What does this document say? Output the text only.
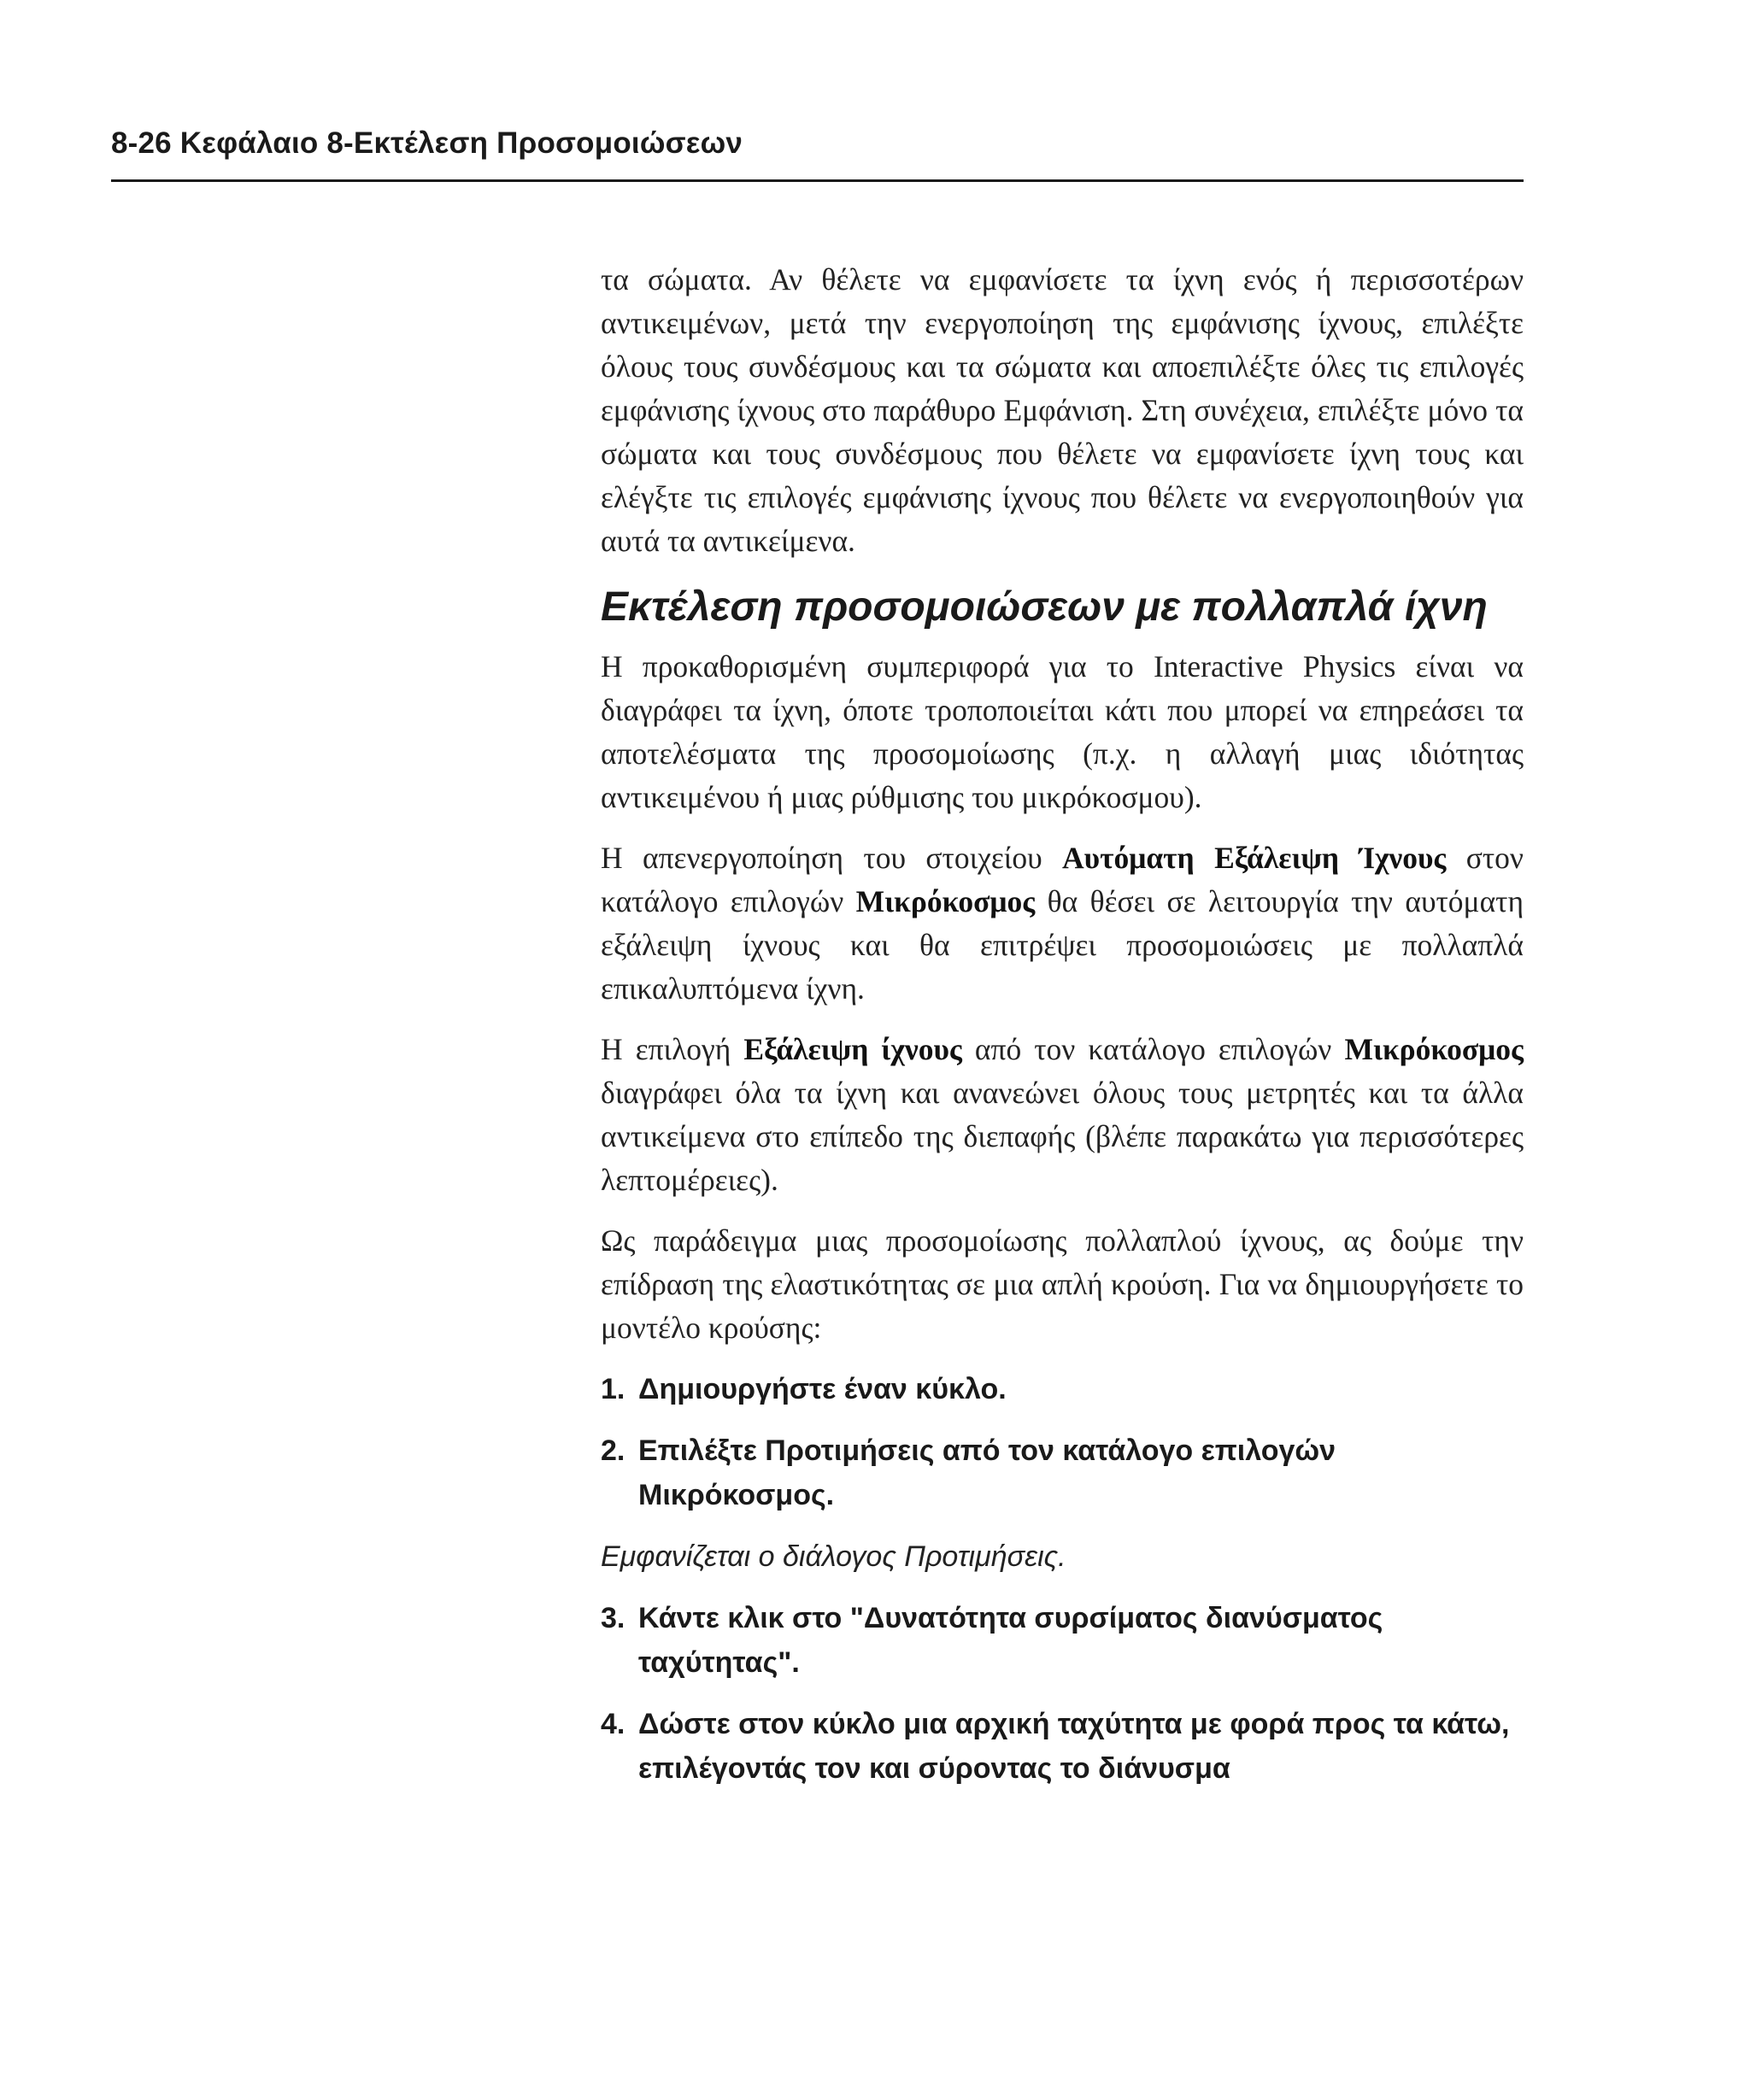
8-26 Κεφάλαιο 8-Εκτέλεση Προσομοιώσεων

τα σώματα. Αν θέλετε να εμφανίσετε τα ίχνη ενός ή περισσοτέρων αντικειμένων, μετά την ενεργοποίηση της εμφάνισης ίχνους, επιλέξτε όλους τους συνδέσμους και τα σώματα και αποεπιλέξτε όλες τις επιλογές εμφάνισης ίχνους στο παράθυρο Εμφάνιση. Στη συνέχεια, επιλέξτε μόνο τα σώματα και τους συνδέσμους που θέλετε να εμφανίσετε ίχνη τους και ελέγξτε τις επιλογές εμφάνισης ίχνους που θέλετε να ενεργοποιηθούν για αυτά τα αντικείμενα.

Εκτέλεση προσομοιώσεων με πολλαπλά ίχνη

Η προκαθορισμένη συμπεριφορά για το Interactive Physics είναι να διαγράφει τα ίχνη, όποτε τροποποιείται κάτι που μπορεί να επηρεάσει τα αποτελέσματα της προσομοίωσης (π.χ. η αλλαγή μιας ιδιότητας αντικειμένου ή μιας ρύθμισης του μικρόκοσμου).

Η απενεργοποίηση του στοιχείου Αυτόματη Εξάλειψη Ίχνους στον κατάλογο επιλογών Μικρόκοσμος θα θέσει σε λειτουργία την αυτόματη εξάλειψη ίχνους και θα επιτρέψει προσομοιώσεις με πολλαπλά επικαλυπτόμενα ίχνη.

Η επιλογή Εξάλειψη ίχνους από τον κατάλογο επιλογών Μικρόκοσμος διαγράφει όλα τα ίχνη και ανανεώνει όλους τους μετρητές και τα άλλα αντικείμενα στο επίπεδο της διεπαφής (βλέπε παρακάτω για περισσότερες λεπτομέρειες).

Ως παράδειγμα μιας προσομοίωσης πολλαπλού ίχνους, ας δούμε την επίδραση της ελαστικότητας σε μια απλή κρούση. Για να δημιουργήσετε το μοντέλο κρούσης:

1. Δημιουργήστε έναν κύκλο.

2. Επιλέξτε Προτιμήσεις από τον κατάλογο επιλογών Μικρόκοσμος.

Εμφανίζεται ο διάλογος Προτιμήσεις.

3. Κάντε κλικ στο "Δυνατότητα συρσίματος διανύσματος ταχύτητας".

4. Δώστε στον κύκλο μια αρχική ταχύτητα με φορά προς τα κάτω, επιλέγοντάς τον και σύροντας το διάνυσμα
